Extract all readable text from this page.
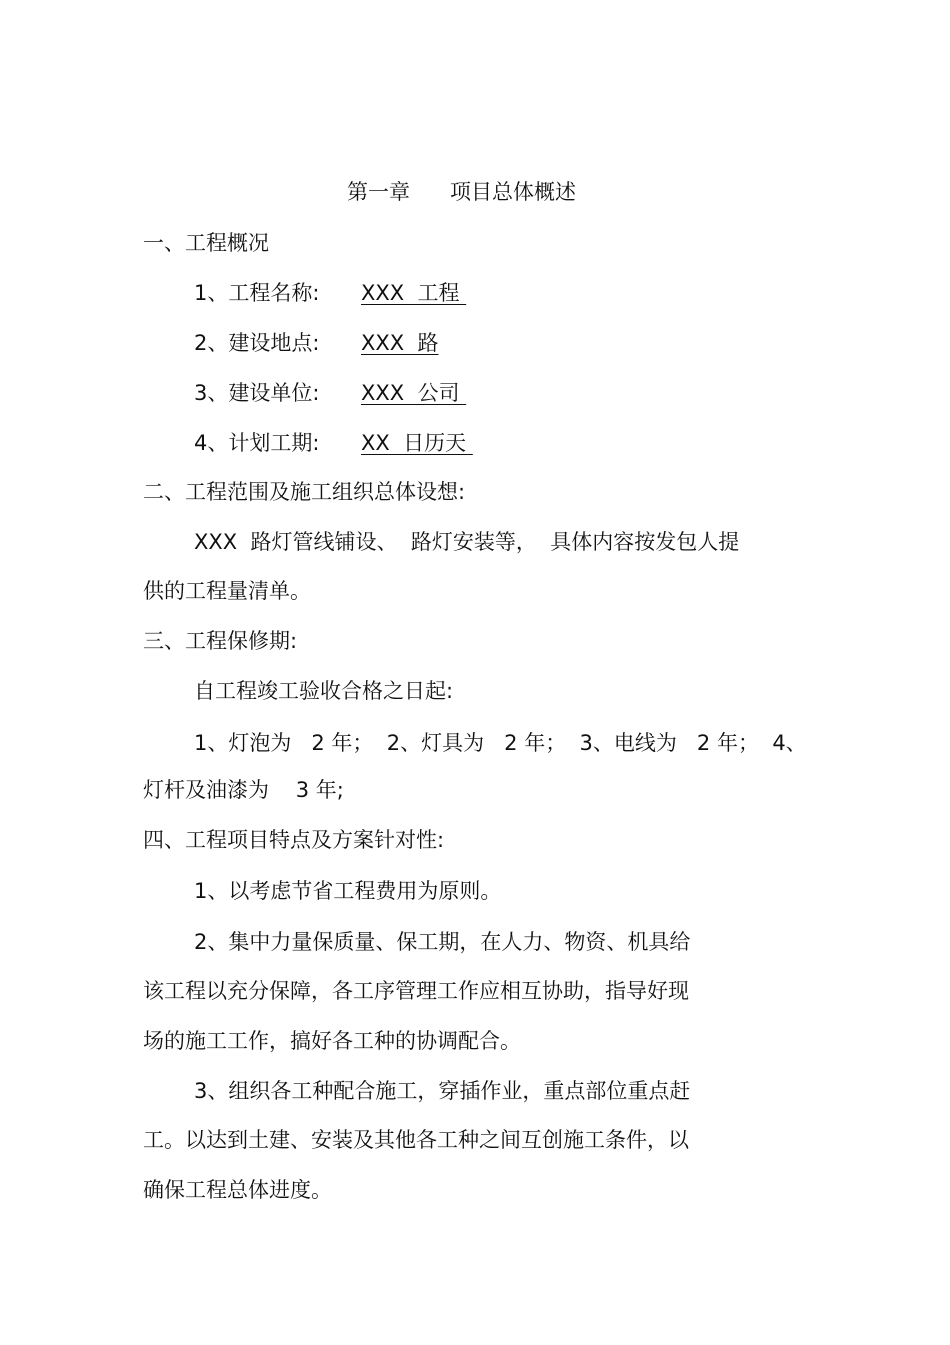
第一章      项目总体概述
一、工程概况
1、工程名称: XXX  工程
2、建设地点: XXX  路
3、建设单位: XXX  公司
4、计划工期: XX  日历天
二、工程范围及施工组织总体设想:
XXX  路灯管线铺设、  路灯安装等，  具体内容按发包人提
供的工程量清单。
三、工程保修期:
自工程竣工验收合格之日起:
1、灯泡为   2 年；  2、灯具为   2 年；  3、电线为   2 年；  4、
灯杆及油漆为    3 年;
四、工程项目特点及方案针对性:
1、以考虑节省工程费用为原则。
2、集中力量保质量、保工期，在人力、物资、机具给
该工程以充分保障，各工序管理工作应相互协助，指导好现
场的施工工作，搞好各工种的协调配合。
3、组织各工种配合施工，穿插作业，重点部位重点赶
工。以达到土建、安装及其他各工种之间互创施工条件，以
确保工程总体进度。
